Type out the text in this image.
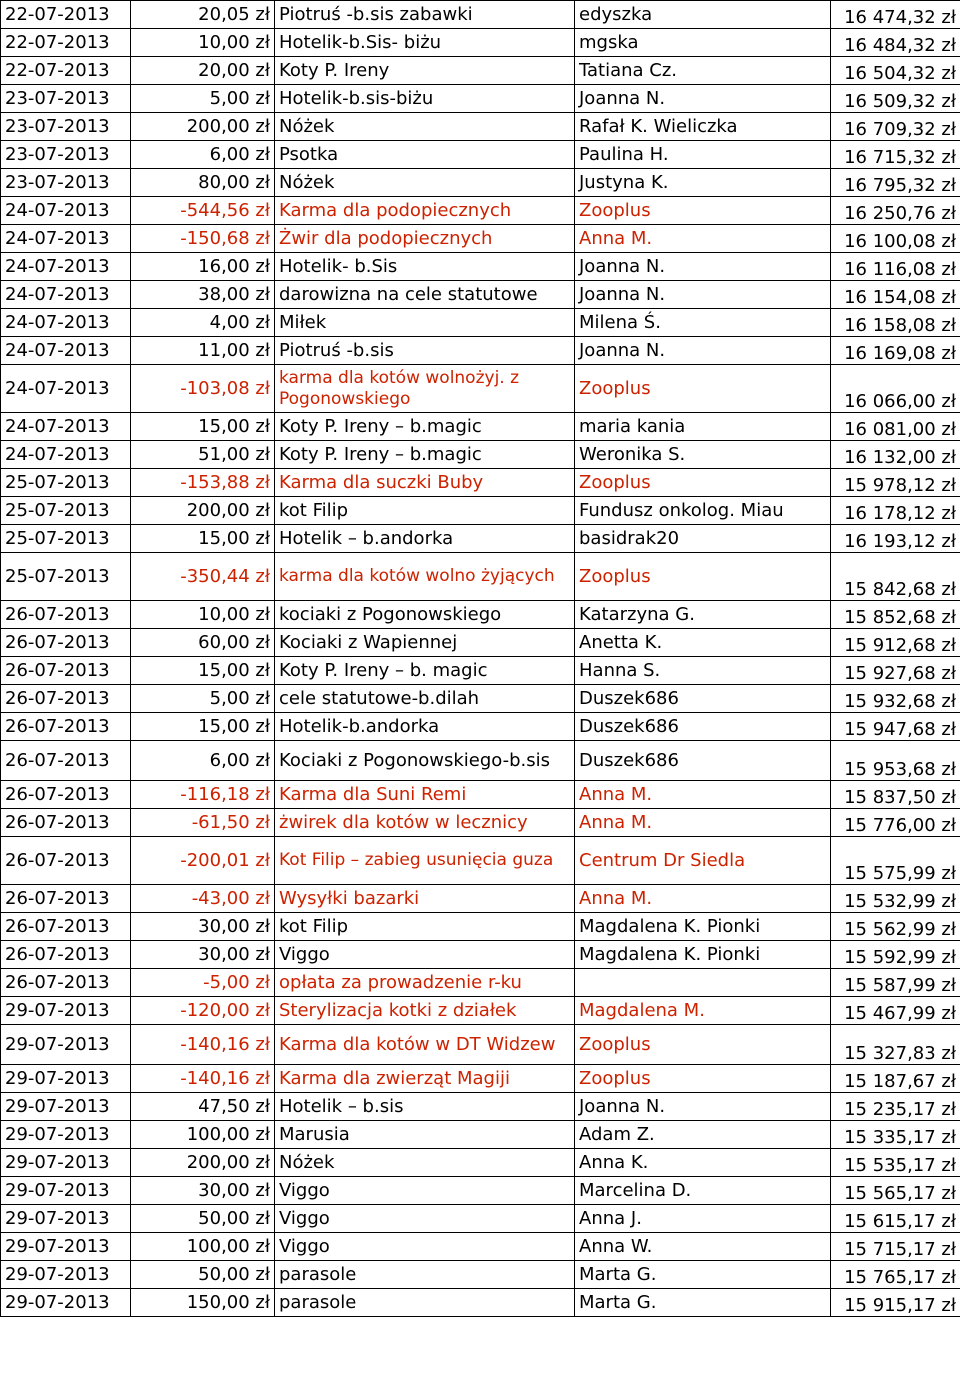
22-07-2013	20,05 zł	Piotruś -b.sis zabawki	edyszka	16 474,32 zł
22-07-2013	10,00 zł	Hotelik-b.Sis- biżu	mgska	16 484,32 zł
22-07-2013	20,00 zł	Koty P. Ireny	Tatiana Cz.	16 504,32 zł
23-07-2013	5,00 zł	Hotelik-b.sis-biżu	Joanna N.	16 509,32 zł
23-07-2013	200,00 zł	Nóżek	Rafał K. Wieliczka	16 709,32 zł
23-07-2013	6,00 zł	Psotka	Paulina H.	16 715,32 zł
23-07-2013	80,00 zł	Nóżek	Justyna K.	16 795,32 zł
24-07-2013	-544,56 zł	Karma dla podopiecznych	Zooplus	16 250,76 zł
24-07-2013	-150,68 zł	Żwir dla podopiecznych	Anna M.	16 100,08 zł
24-07-2013	16,00 zł	Hotelik- b.Sis	Joanna N.	16 116,08 zł
24-07-2013	38,00 zł	darowizna na cele statutowe	Joanna N.	16 154,08 zł
24-07-2013	4,00 zł	Miłek	Milena Ś.	16 158,08 zł
24-07-2013	11,00 zł	Piotruś -b.sis	Joanna N.	16 169,08 zł
24-07-2013	-103,08 zł	karma dla kotów wolnożyj. z Pogonowskiego	Zooplus	16 066,00 zł
24-07-2013	15,00 zł	Koty P. Ireny – b.magic	maria kania	16 081,00 zł
24-07-2013	51,00 zł	Koty P. Ireny – b.magic	Weronika S.	16 132,00 zł
25-07-2013	-153,88 zł	Karma dla suczki Buby	Zooplus	15 978,12 zł
25-07-2013	200,00 zł	kot Filip	Fundusz onkolog. Miau	16 178,12 zł
25-07-2013	15,00 zł	Hotelik – b.andorka	basidrak20	16 193,12 zł
25-07-2013	-350,44 zł	karma dla kotów wolno żyjących	Zooplus	15 842,68 zł
26-07-2013	10,00 zł	kociaki z Pogonowskiego	Katarzyna G.	15 852,68 zł
26-07-2013	60,00 zł	Kociaki z Wapiennej	Anetta K.	15 912,68 zł
26-07-2013	15,00 zł	Koty P. Ireny – b. magic	Hanna S.	15 927,68 zł
26-07-2013	5,00 zł	cele statutowe-b.dilah	Duszek686	15 932,68 zł
26-07-2013	15,00 zł	Hotelik-b.andorka	Duszek686	15 947,68 zł
26-07-2013	6,00 zł	Kociaki z Pogonowskiego-b.sis	Duszek686	15 953,68 zł
26-07-2013	-116,18 zł	Karma dla Suni Remi	Anna M.	15 837,50 zł
26-07-2013	-61,50 zł	żwirek dla kotów w lecznicy	Anna M.	15 776,00 zł
26-07-2013	-200,01 zł	Kot Filip – zabieg usunięcia guza	Centrum Dr Siedla	15 575,99 zł
26-07-2013	-43,00 zł	Wysyłki bazarki	Anna M.	15 532,99 zł
26-07-2013	30,00 zł	kot Filip	Magdalena K. Pionki	15 562,99 zł
26-07-2013	30,00 zł	Viggo	Magdalena K. Pionki	15 592,99 zł
26-07-2013	-5,00 zł	opłata za prowadzenie r-ku		15 587,99 zł
29-07-2013	-120,00 zł	Sterylizacja kotki z działek	Magdalena M.	15 467,99 zł
29-07-2013	-140,16 zł	Karma dla kotów w DT Widzew	Zooplus	15 327,83 zł
29-07-2013	-140,16 zł	Karma dla zwierząt Magiji	Zooplus	15 187,67 zł
29-07-2013	47,50 zł	Hotelik – b.sis	Joanna N.	15 235,17 zł
29-07-2013	100,00 zł	Marusia	Adam Z.	15 335,17 zł
29-07-2013	200,00 zł	Nóżek	Anna K.	15 535,17 zł
29-07-2013	30,00 zł	Viggo	Marcelina D.	15 565,17 zł
29-07-2013	50,00 zł	Viggo	Anna J.	15 615,17 zł
29-07-2013	100,00 zł	Viggo	Anna W.	15 715,17 zł
29-07-2013	50,00 zł	parasole	Marta G.	15 765,17 zł
29-07-2013	150,00 zł	parasole	Marta G.	15 915,17 zł
